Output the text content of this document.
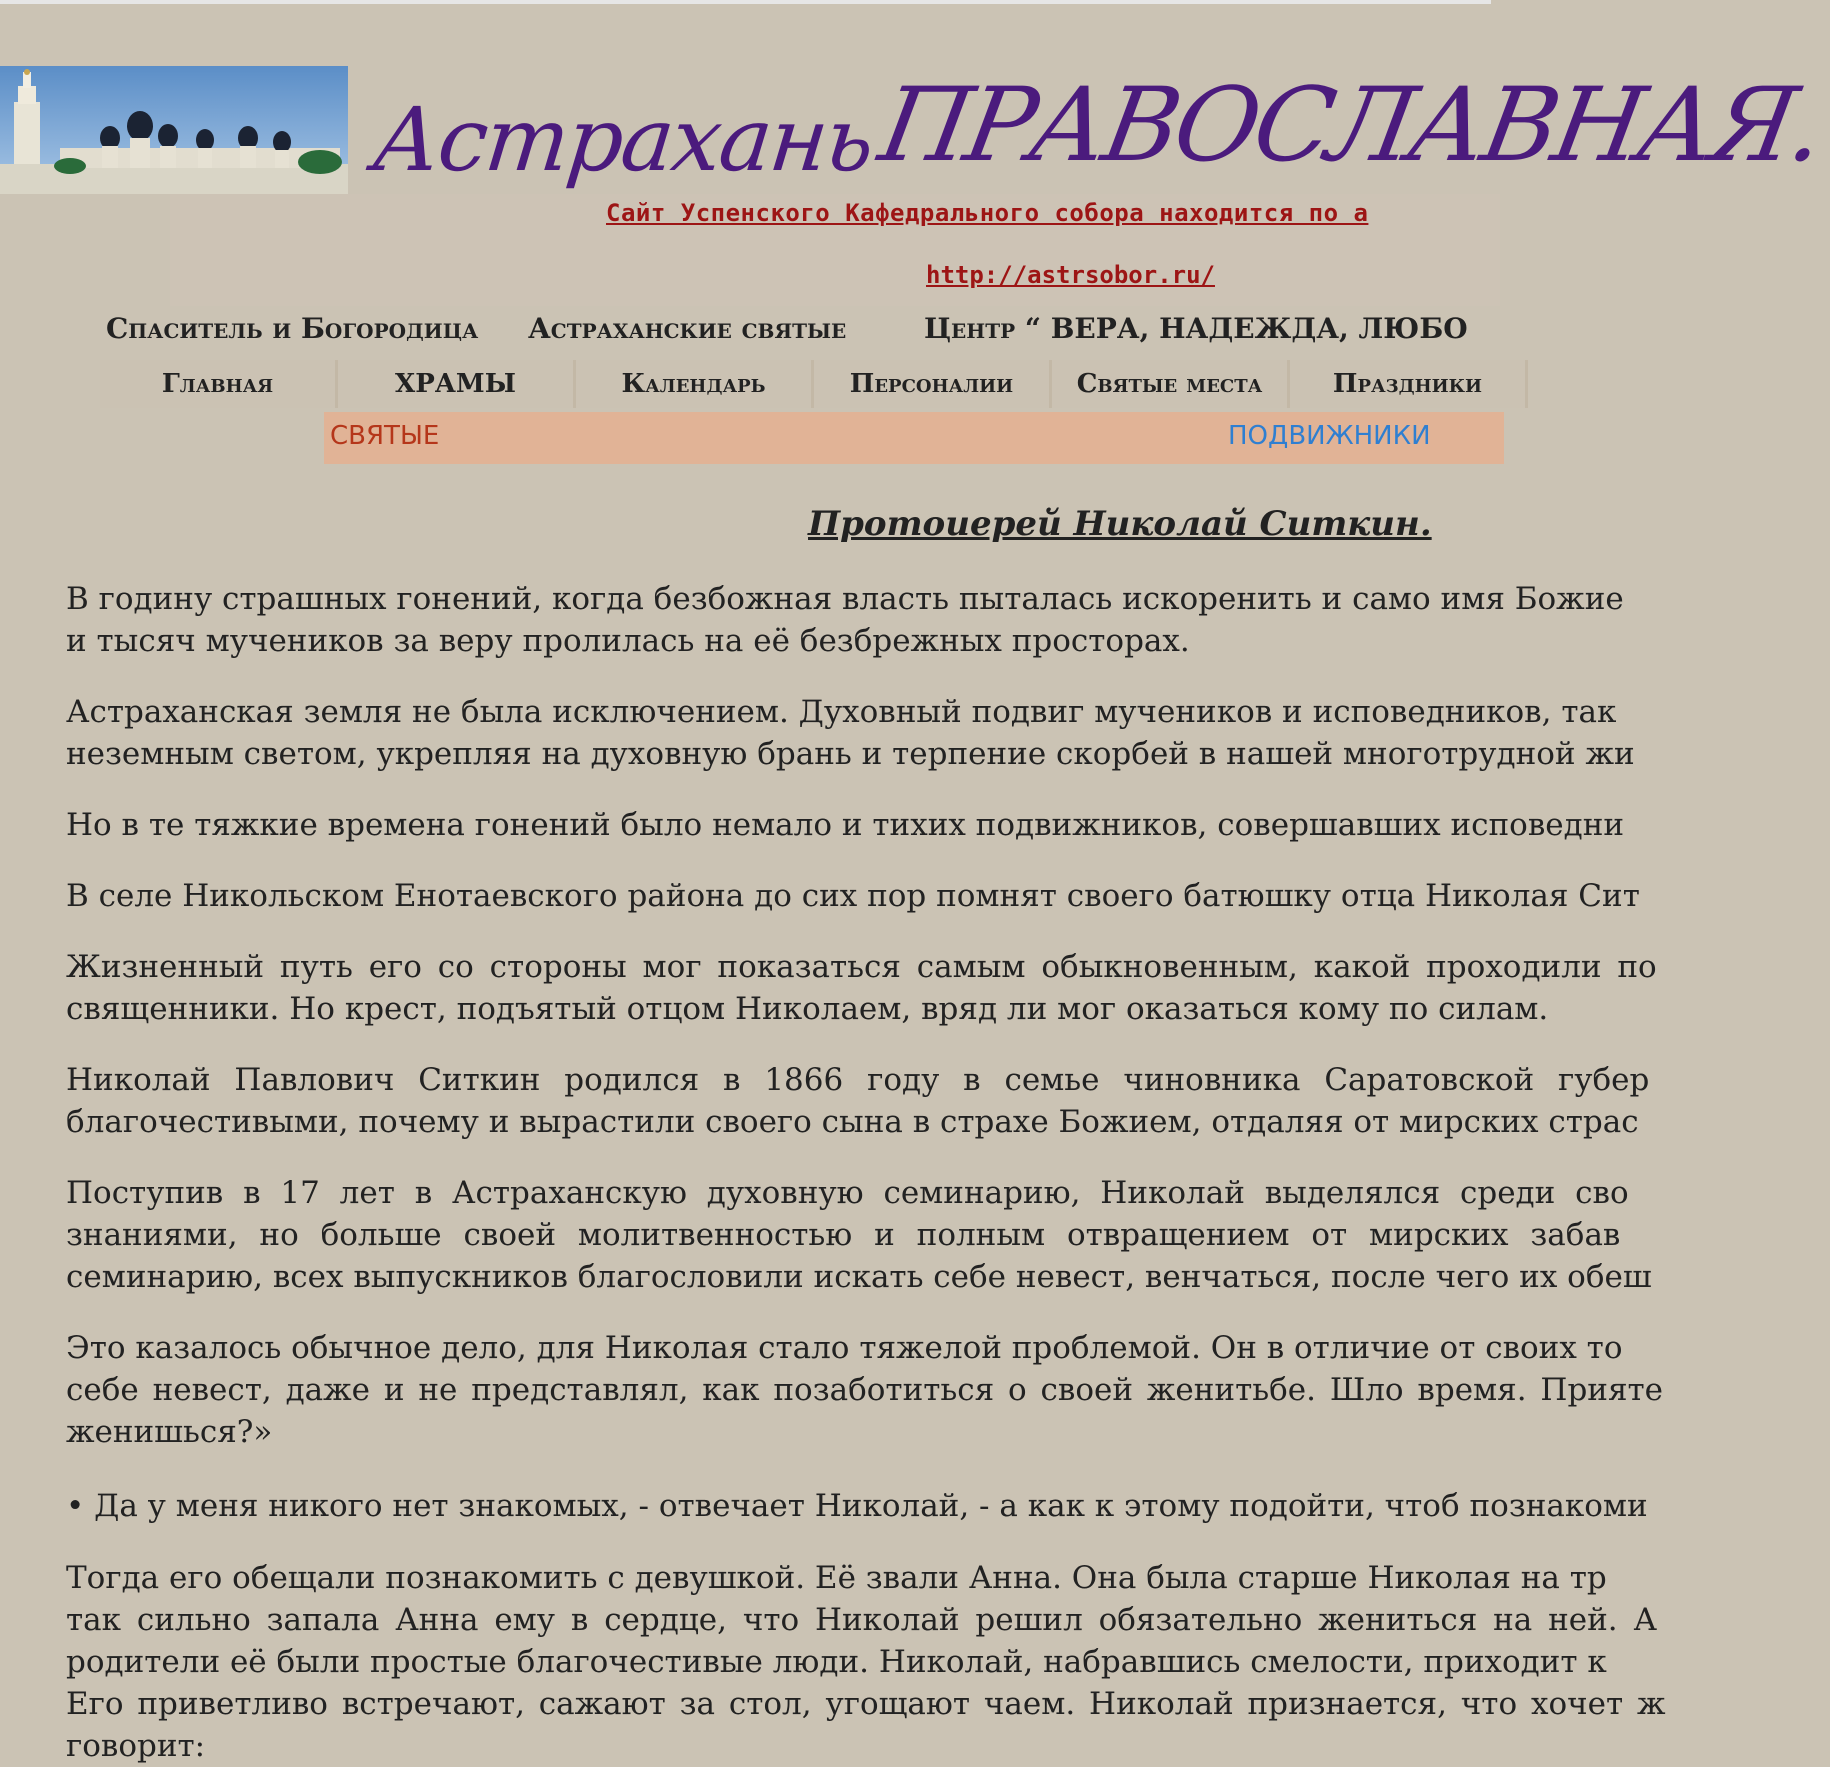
АстраханьПРАВОСЛАВНАЯ.
Сайт Успенского Кафедрального собора находится по а
http://astrsobor.ru/
Спаситель и Богородица Астраханские святые	Центр “ ВЕРА, НАДЕЖДА, ЛЮБО
Главная	ХРАМЫ	Календарь	Персоналии Святые места	Праздники
СВЯТЫЕ	ПОДВИЖНИКИ
Протоиерей Николай Ситкин.
В годину страшных гонений, когда безбожная власть пыталась искоренить и само имя Божие
и тысяч мучеников за веру пролилась на её безбрежных просторах.
Астраханская земля не была исключением. Духовный подвиг мучеников и исповедников, так
неземным светом, укрепляя на духовную брань и терпение скорбей в нашей многотрудной жи
Но в те тяжкие времена гонений было немало и тихих подвижников, совершавших исповедни
В селе Никольском Енотаевского района до сих пор помнят своего батюшку отца Николая Сит
Жизненный путь его со стороны мог показаться самым обыкновенным, какой проходили по
священники. Но крест, подъятый отцом Николаем, вряд ли мог оказаться кому по силам.
Николай Павлович Ситкин родился в 1866 году в семье чиновника Саратовской губер
благочестивыми, почему и вырастили своего сына в страхе Божием, отдаляя от мирских страс
Поступив в 17 лет в Астраханскую духовную семинарию, Николай выделялся среди сво
знаниями, но больше своей молитвенностью и полным отвращением от мирских забав
семинарию, всех выпускников благословили искать себе невест, венчаться, после чего их обеш
Это казалось обычное дело, для Николая стало тяжелой проблемой. Он в отличие от своих то
себе невест, даже и не представлял, как позаботиться о своей женитьбе. Шло время. Прияте
женишься?»
• Да у меня никого нет знакомых, - отвечает Николай, - а как к этому подойти, чтоб познакоми
Тогда его обещали познакомить с девушкой. Её звали Анна. Она была старше Николая на тр
так сильно запала Анна ему в сердце, что Николай решил обязательно жениться на ней. А
родители её были простые благочестивые люди. Николай, набравшись смелости, приходит к
Его приветливо встречают, сажают за стол, угощают чаем. Николай признается, что хочет ж
говорит:
